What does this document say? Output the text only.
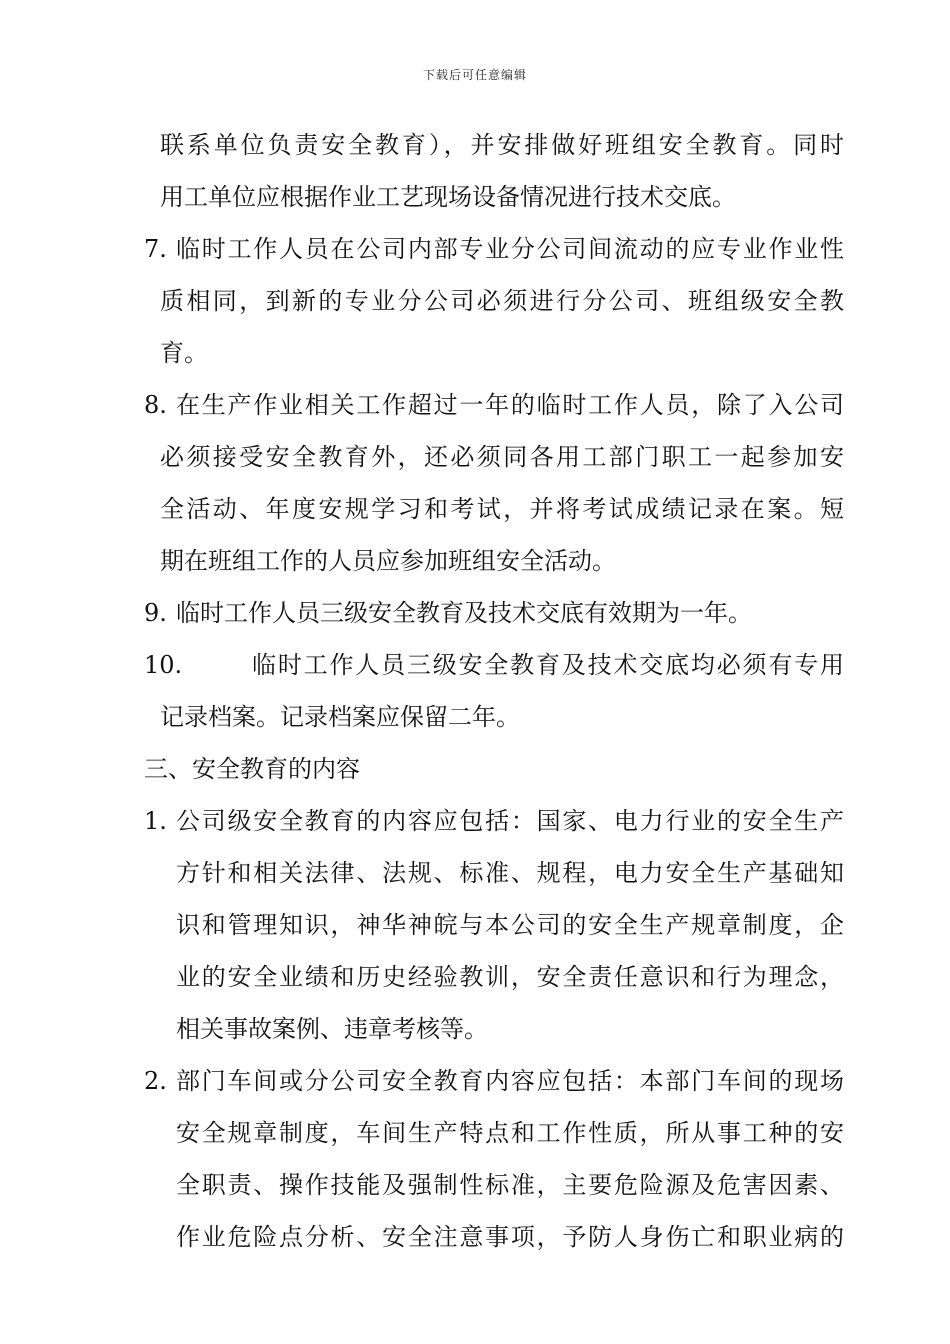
下载后可任意编辑
联系单位负责安全教育），并安排做好班组安全教育。同时
用工单位应根据作业工艺现场设备情况进行技术交底。
7. 临时工作人员在公司内部专业分公司间流动的应专业作业性
质相同，到新的专业分公司必须进行分公司、班组级安全教
育。
8. 在生产作业相关工作超过一年的临时工作人员，除了入公司
必须接受安全教育外，还必须同各用工部门职工一起参加安
全活动、年度安规学习和考试，并将考试成绩记录在案。短
期在班组工作的人员应参加班组安全活动。
9. 临时工作人员三级安全教育及技术交底有效期为一年。
10.	临时工作人员三级安全教育及技术交底均必须有专用
记录档案。记录档案应保留二年。
三、安全教育的内容
1. 公司级安全教育的内容应包括：国家、电力行业的安全生产
方针和相关法律、法规、标准、规程，电力安全生产基础知
识和管理知识，神华神皖与本公司的安全生产规章制度，企
业的安全业绩和历史经验教训，安全责任意识和行为理念，
相关事故案例、违章考核等。
2. 部门车间或分公司安全教育内容应包括：本部门车间的现场
安全规章制度，车间生产特点和工作性质，所从事工种的安
全职责、操作技能及强制性标准，主要危险源及危害因素、
作业危险点分析、安全注意事项，予防人身伤亡和职业病的
